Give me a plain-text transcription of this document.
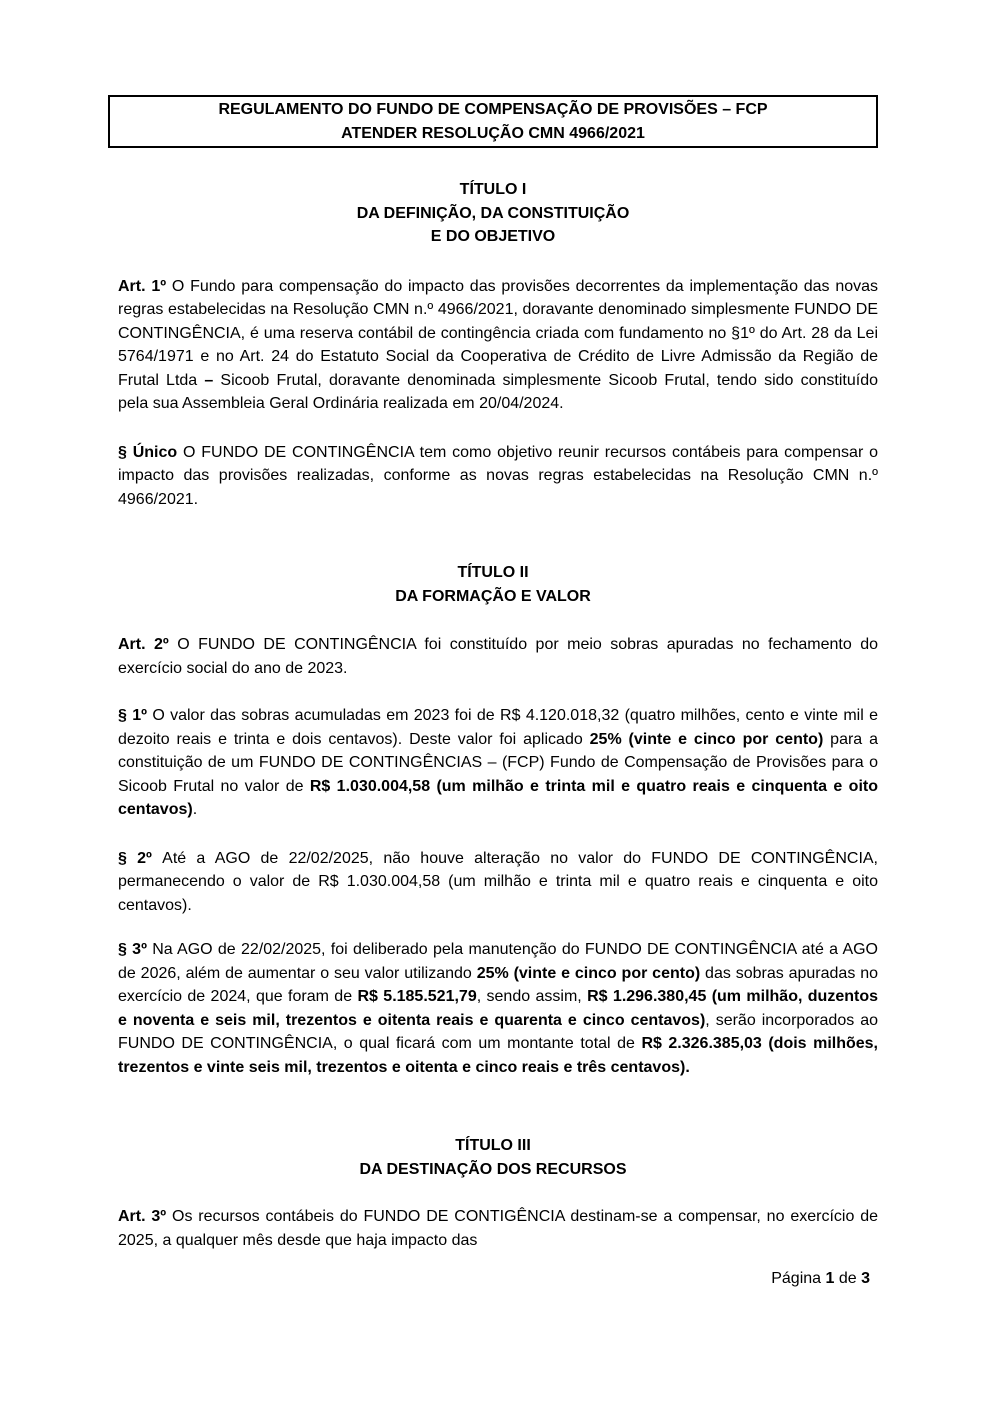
REGULAMENTO DO FUNDO DE COMPENSAÇÃO DE PROVISÕES – FCP
ATENDER RESOLUÇÃO CMN 4966/2021
TÍTULO I
DA DEFINIÇÃO, DA CONSTITUIÇÃO
E DO OBJETIVO
Art. 1º O Fundo para compensação do impacto das provisões decorrentes da implementação das novas regras estabelecidas na Resolução CMN n.º 4966/2021, doravante denominado simplesmente FUNDO DE CONTINGÊNCIA, é uma reserva contábil de contingência criada com fundamento no §1º do Art. 28 da Lei 5764/1971 e no Art. 24 do Estatuto Social da Cooperativa de Crédito de Livre Admissão da Região de Frutal Ltda – Sicoob Frutal, doravante denominada simplesmente Sicoob Frutal, tendo sido constituído pela sua Assembleia Geral Ordinária realizada em 20/04/2024.
§ Único O FUNDO DE CONTINGÊNCIA tem como objetivo reunir recursos contábeis para compensar o impacto das provisões realizadas, conforme as novas regras estabelecidas na Resolução CMN n.º 4966/2021.
TÍTULO II
DA FORMAÇÃO E VALOR
Art. 2º O FUNDO DE CONTINGÊNCIA foi constituído por meio sobras apuradas no fechamento do exercício social do ano de 2023.
§ 1º O valor das sobras acumuladas em 2023 foi de R$ 4.120.018,32 (quatro milhões, cento e vinte mil e dezoito reais e trinta e dois centavos). Deste valor foi aplicado 25% (vinte e cinco por cento) para a constituição de um FUNDO DE CONTINGÊNCIAS – (FCP) Fundo de Compensação de Provisões para o Sicoob Frutal no valor de R$ 1.030.004,58 (um milhão e trinta mil e quatro reais e cinquenta e oito centavos).
§ 2º Até a AGO de 22/02/2025, não houve alteração no valor do FUNDO DE CONTINGÊNCIA, permanecendo o valor de R$ 1.030.004,58 (um milhão e trinta mil e quatro reais e cinquenta e oito centavos).
§ 3º Na AGO de 22/02/2025, foi deliberado pela manutenção do FUNDO DE CONTINGÊNCIA até a AGO de 2026, além de aumentar o seu valor utilizando 25% (vinte e cinco por cento) das sobras apuradas no exercício de 2024, que foram de R$ 5.185.521,79, sendo assim, R$ 1.296.380,45 (um milhão, duzentos e noventa e seis mil, trezentos e oitenta reais e quarenta e cinco centavos), serão incorporados ao FUNDO DE CONTINGÊNCIA, o qual ficará com um montante total de R$ 2.326.385,03 (dois milhões, trezentos e vinte seis mil, trezentos e oitenta e cinco reais e três centavos).
TÍTULO III
DA DESTINAÇÃO DOS RECURSOS
Art. 3º Os recursos contábeis do FUNDO DE CONTIGÊNCIA destinam-se a compensar, no exercício de 2025, a qualquer mês desde que haja impacto das
Página 1 de 3
